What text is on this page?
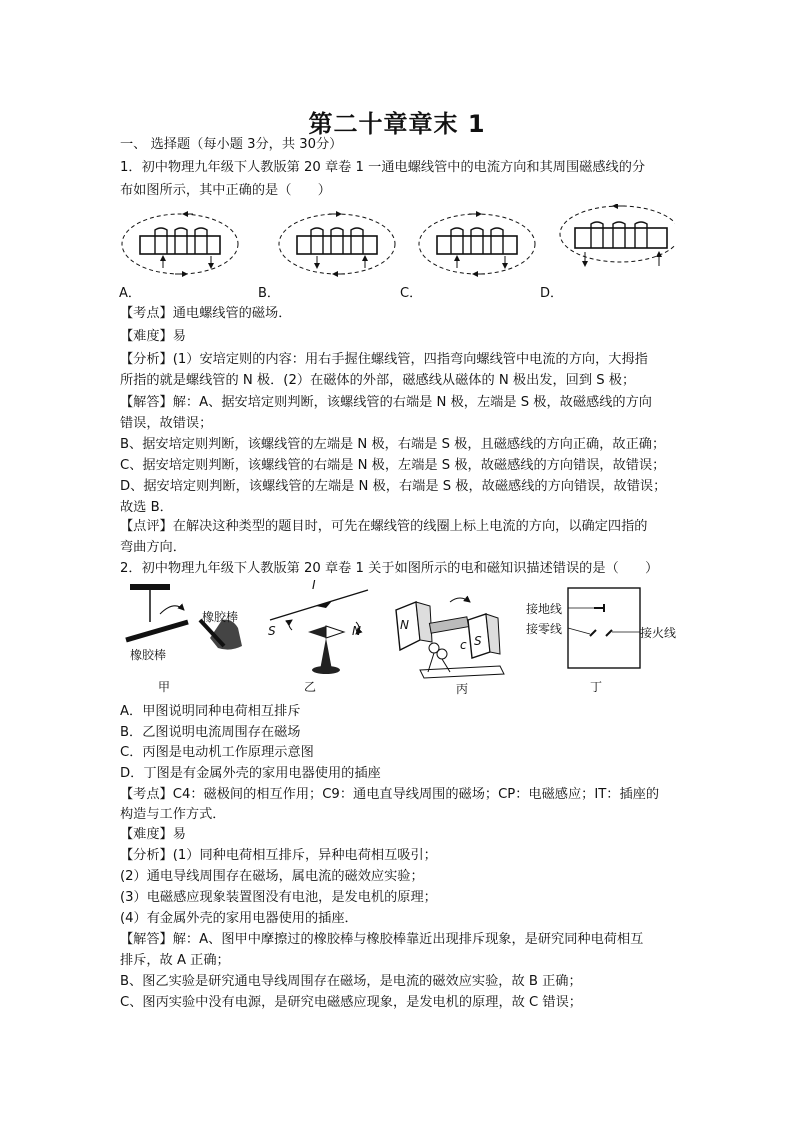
第二十章章末 1
一、 选择题（每小题 3分，共 30分）
1．初中物理九年级下人教版第 20 章卷 1 一通电螺线管中的电流方向和其周围磁感线的分
布如图所示，其中正确的是（　　）
A．	B．	C．	D．
【考点】通电螺线管的磁场．
【难度】易
【分析】(1）安培定则的内容：用右手握住螺线管，四指弯向螺线管中电流的方向，大拇指
所指的就是螺线管的 N 极．(2）在磁体的外部，磁感线从磁体的 N 极出发，回到 S 极；
【解答】解：A、据安培定则判断，该螺线管的右端是 N 极，左端是 S 极，故磁感线的方向
错误，故错误；
B、据安培定则判断，该螺线管的左端是 N 极，右端是 S 极，且磁感线的方向正确，故正确；
C、据安培定则判断，该螺线管的右端是 N 极，左端是 S 极，故磁感线的方向错误，故错误；
D、据安培定则判断，该螺线管的左端是 N 极，右端是 S 极，故磁感线的方向错误，故错误；
故选 B．
【点评】在解决这种类型的题目时，可先在螺线管的线圈上标上电流的方向，以确定四指的
弯曲方向．
2．初中物理九年级下人教版第 20 章卷 1 关于如图所示的电和磁知识描述错误的是（　　）
甲	乙	丙	丁
橡胶棒
橡胶棒
I
S	N	N
S
c
接地线
接零线	接火线
A．甲图说明同种电荷相互排斥
B．乙图说明电流周围存在磁场
C．丙图是电动机工作原理示意图
D．丁图是有金属外壳的家用电器使用的插座
【考点】C4：磁极间的相互作用；C9：通电直导线周围的磁场；CP：电磁感应；IT：插座的
构造与工作方式．
【难度】易
【分析】(1）同种电荷相互排斥，异种电荷相互吸引；
(2）通电导线周围存在磁场，属电流的磁效应实验；
(3）电磁感应现象装置图没有电池，是发电机的原理；
(4）有金属外壳的家用电器使用的插座．
【解答】解：A、图甲中摩擦过的橡胶棒与橡胶棒靠近出现排斥现象，是研究同种电荷相互
排斥，故 A 正确；
B、图乙实验是研究通电导线周围存在磁场，是电流的磁效应实验，故 B 正确；
C、图丙实验中没有电源，是研究电磁感应现象，是发电机的原理，故 C 错误；
